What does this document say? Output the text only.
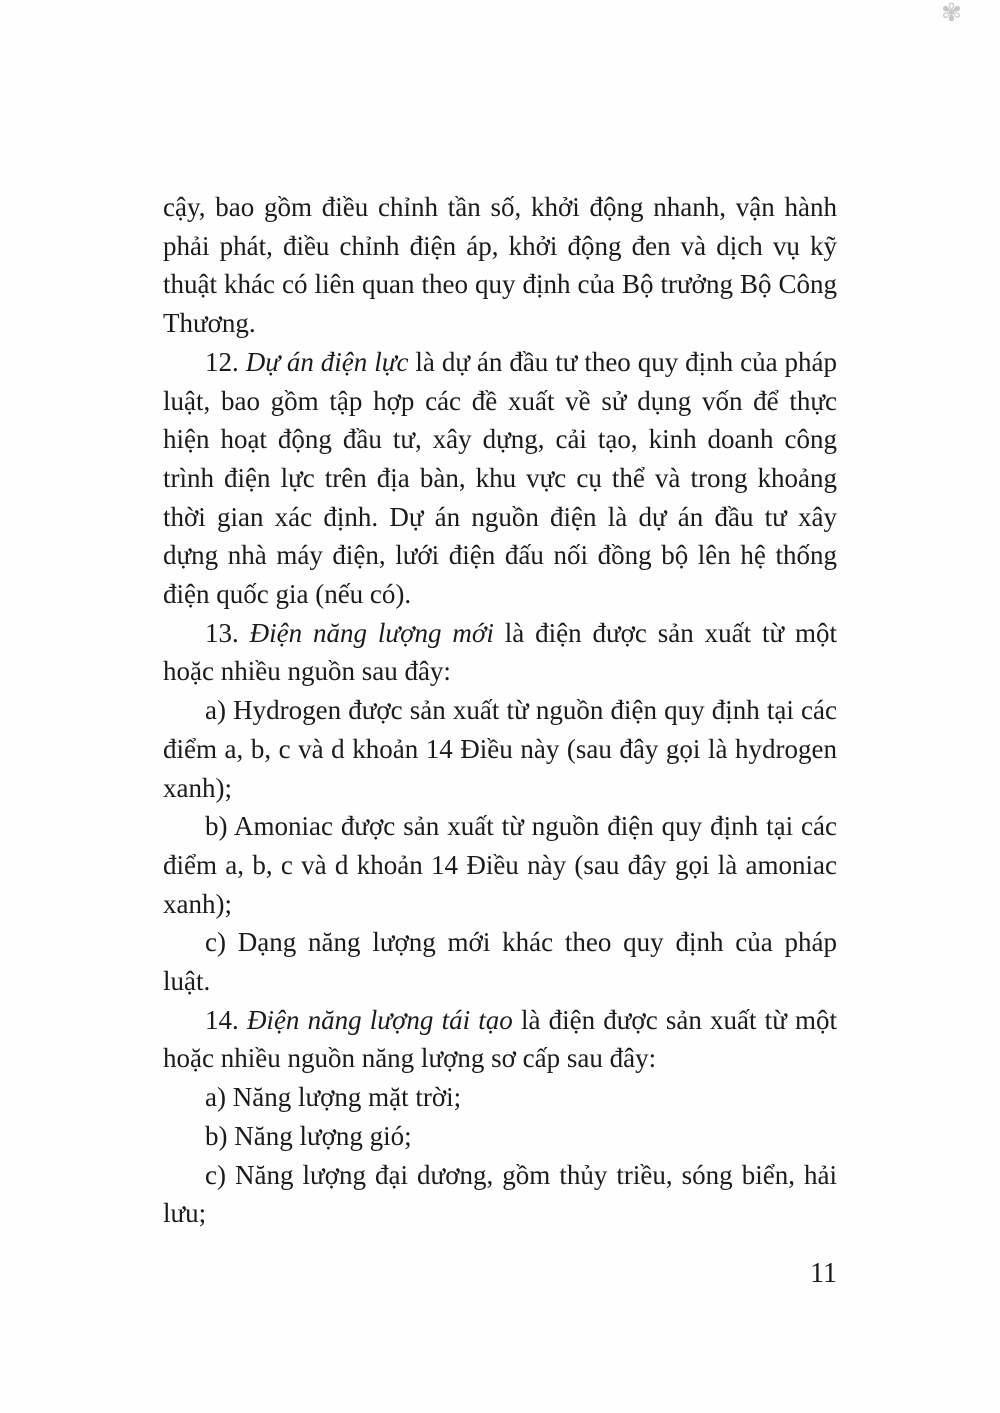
✾

cậy, bao gồm điều chỉnh tần số, khởi động nhanh, vận hành phải phát, điều chỉnh điện áp, khởi động đen và dịch vụ kỹ thuật khác có liên quan theo quy định của Bộ trưởng Bộ Công Thương.

12. Dự án điện lực là dự án đầu tư theo quy định của pháp luật, bao gồm tập hợp các đề xuất về sử dụng vốn để thực hiện hoạt động đầu tư, xây dựng, cải tạo, kinh doanh công trình điện lực trên địa bàn, khu vực cụ thể và trong khoảng thời gian xác định. Dự án nguồn điện là dự án đầu tư xây dựng nhà máy điện, lưới điện đấu nối đồng bộ lên hệ thống điện quốc gia (nếu có).

13. Điện năng lượng mới là điện được sản xuất từ một hoặc nhiều nguồn sau đây:

a) Hydrogen được sản xuất từ nguồn điện quy định tại các điểm a, b, c và d khoản 14 Điều này (sau đây gọi là hydrogen xanh);

b) Amoniac được sản xuất từ nguồn điện quy định tại các điểm a, b, c và d khoản 14 Điều này (sau đây gọi là amoniac xanh);

c) Dạng năng lượng mới khác theo quy định của pháp luật.

14. Điện năng lượng tái tạo là điện được sản xuất từ một hoặc nhiều nguồn năng lượng sơ cấp sau đây:

a) Năng lượng mặt trời;

b) Năng lượng gió;

c) Năng lượng đại dương, gồm thủy triều, sóng biển, hải lưu;

11
